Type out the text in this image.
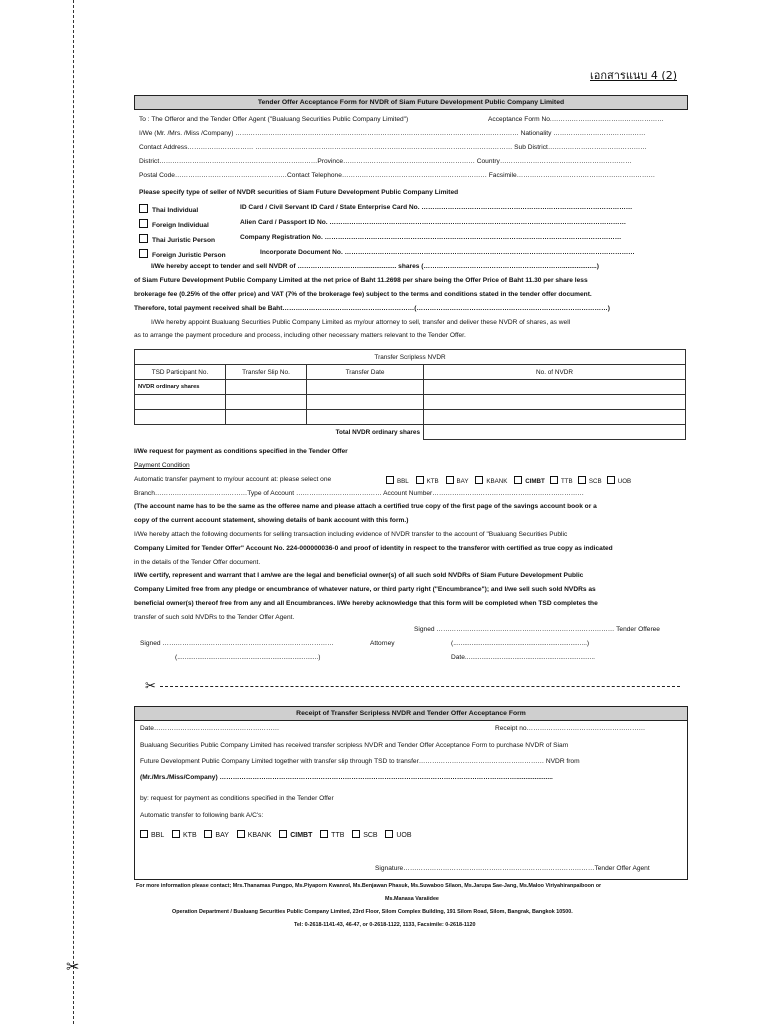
✂
เอกสารแนบ 4 (2)
Tender Offer Acceptance Form for NVDR of Siam Future Development Public Company Limited
To : The Offeror and the Tender Offer Agent ("Bualuang Securities Public Company Limited")	Acceptance Form No.……………………………………………
I/We (Mr. /Mrs. /Miss /Company) ………………………………………………………………………………………………………………… Nationality ……………………………………
Contact Address………………………… ……………………………………………………………………………………………………… Sub District………………………………………
District………………………………………………………………Province…………………………………………………… Country……………………………………………………
Postal Code……………………………………………Contact Telephone………………………………………………………… Facsimile………………………………………………………
Please specify type of seller of NVDR securities of Siam Future Development Public Company Limited
Thai Individual	ID Card / Civil Servant ID Card / State Enterprise Card No. ……………………………………………………………………………………
Foreign Individual	Alien Card / Passport ID No. ………………………………………………………………………………………………………………………
Thai Juristic Person	Company Registration No. ………………………………………………………………………………………………………………………
Foreign Juristic Person	Incorporate Document No. ……………………………………………………………………………………………………………………
I/We hereby accept to tender and sell NVDR of ………………………….................. shares (………………………………………………………...................)
of Siam Future Development Public Company Limited at the net price of Baht 11.2698 per share being the Offer Price of Baht 11.30 per share less
brokerage fee (0.25% of the offer price) and VAT (7% of the brokerage fee) subject to the terms and conditions stated in the tender offer document.
Therefore, total payment received shall be Baht……………………………………………………(……………………………………………………………………………)
I/We hereby appoint Bualuang Securities Public Company Limited as my/our attorney to sell, transfer and deliver these NVDR of shares, as well
as to arrange the payment procedure and process, including other necessary matters relevant to the Tender Offer.
Transfer Scripless NVDR			
TSD Participant No.	Transfer Slip No.	Transfer Date	No. of NVDR
NVDR ordinary shares			

Total NVDR ordinary shares			
I/We request for payment as conditions specified in the Tender Offer
Payment Condition
Automatic transfer payment to my/our account at: please select one	BBL	KTB	BAY	KBANK	CIMBT	TTB	SCB	UOB
Branch……………………………………Type of Account ………………………………… Account Number……………………………………………………………
(The account name has to be the same as the offeree name and please attach a certified true copy of the first page of the savings account book or a
copy of the current account statement, showing details of bank account with this form.)
I/We hereby attach the following documents for selling transaction including evidence of NVDR transfer to the account of "Bualuang Securities Public
Company Limited for Tender Offer" Account No. 224-000000036-0 and proof of identity in respect to the transferor with certified as true copy as indicated
in the details of the Tender Offer document.
I/We certify, represent and warrant that I am/we are the legal and beneficial owner(s) of all such sold NVDRs of Siam Future Development Public
Company Limited free from any pledge or encumbrance of whatever nature, or third party right ("Encumbrance"); and I/we sell such sold NVDRs as
beneficial owner(s) thereof free from any and all Encumbrances. I/We hereby acknowledge that this form will be completed when TSD completes the
transfer of such sold NVDRs to the Tender Offer Agent.
Signed ……………………………………………………………………… Tender Offeree
Signed ……………………………………………………………………	Attorney	(.........................................................................)
(.............................................................................)	Date.......................................................................
✂
Receipt of Transfer Scripless NVDR and Tender Offer Acceptance Form
Date…………………………………………………	Receipt no………………………………………………
Bualuang Securities Public Company Limited has received transfer scripless NVDR and Tender Offer Acceptance Form to purchase NVDR of Siam
Future Development Public Company Limited together with transfer slip through TSD to transfer………………………………………………… NVDR from
(Mr./Mrs./Miss/Company) ………………………………………………………………………………………………………………………....................
by: request for payment as conditions specified in the Tender Offer
Automatic transfer to following bank A/C's:
BBL	KTB	BAY	KBANK	CIMBT	TTB	SCB	UOB
Signature……………………………………………………………………………Tender Offer Agent
For more information please contact; Mrs.Thanamas Pungpo, Ms.Piyaporn Kwanrol, Ms.Benjawan Phasuk, Ms.Suwaboo Silaon, Ms.Jarupa Sae-Jang, Ms.Maloo Viriyahiranpaiboon or
Ms.Manasa Varaiidee
Operation Department / Bualuang Securities Public Company Limited, 23rd Floor, Silom Complex Building, 191 Silom Road, Silom, Bangrak, Bangkok 10500.
Tel: 0-2618-1141-43, 46-47, or 0-2618-1122, 1133, Facsimile: 0-2618-1120
